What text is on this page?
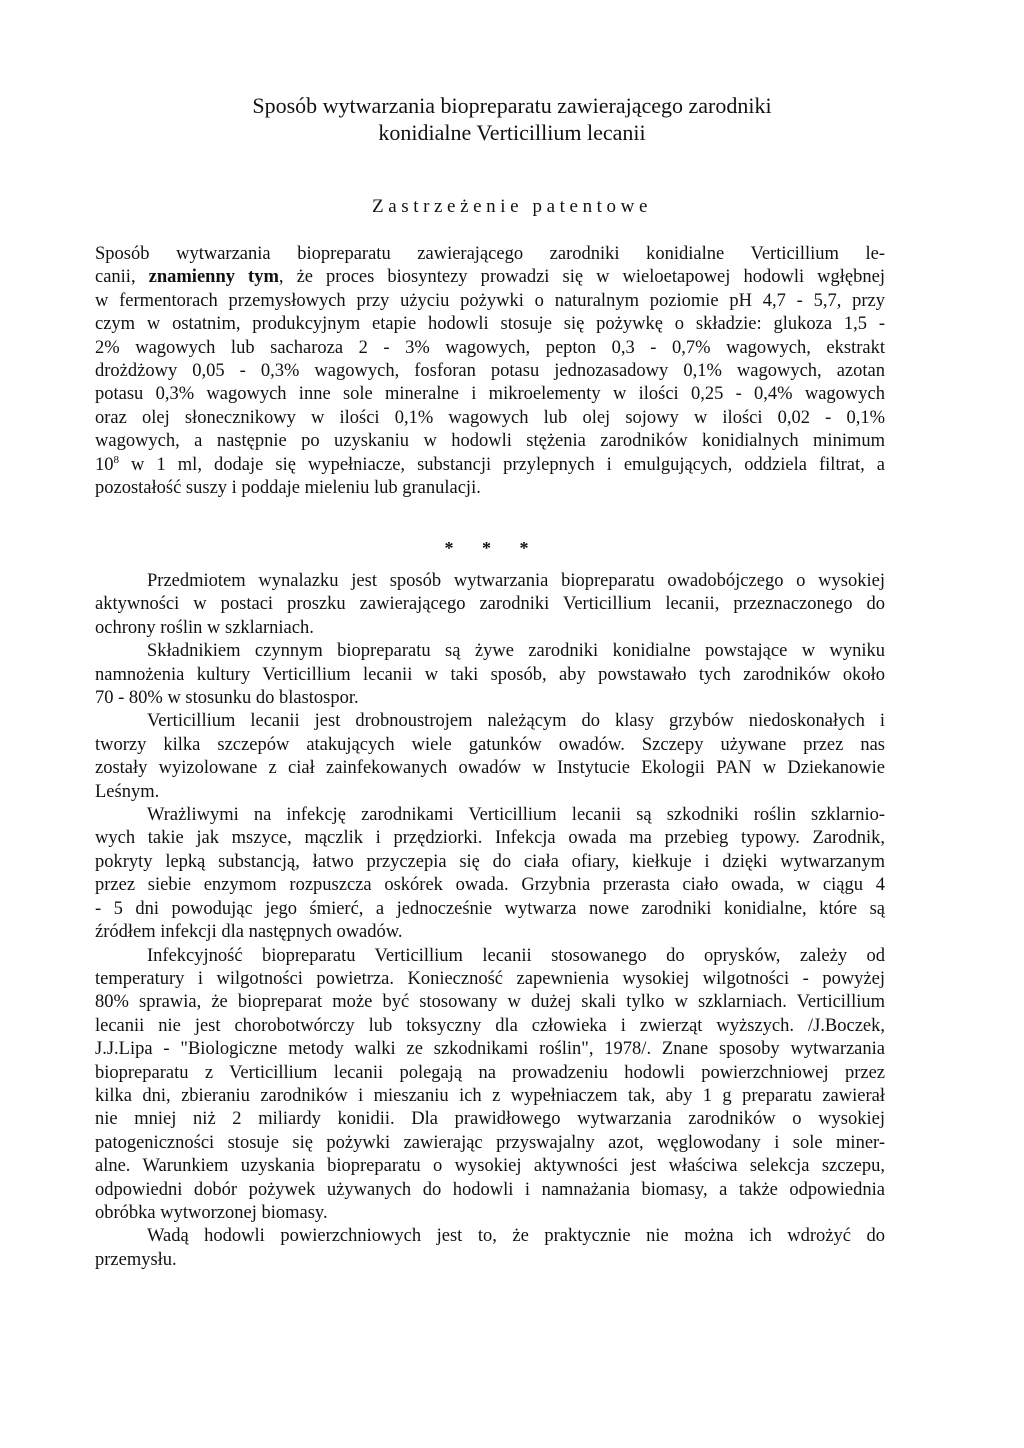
Sposób wytwarzania biopreparatu zawierającego zarodniki
konidialne Verticillium lecanii
Zastrzeżenie patentowe
Sposób wytwarzania biopreparatu zawierającego zarodniki konidialne Verticillium le-
canii, znamienny tym, że proces biosyntezy prowadzi się w wieloetapowej hodowli wgłębnej
w fermentorach przemysłowych przy użyciu pożywki o naturalnym poziomie pH 4,7 - 5,7, przy
czym w ostatnim, produkcyjnym etapie hodowli stosuje się pożywkę o składzie: glukoza 1,5 -
2% wagowych lub sacharoza 2 - 3% wagowych, pepton 0,3 - 0,7% wagowych, ekstrakt
drożdżowy 0,05 - 0,3% wagowych, fosforan potasu jednozasadowy 0,1% wagowych, azotan
potasu 0,3% wagowych inne sole mineralne i mikroelementy w ilości 0,25 - 0,4% wagowych
oraz olej słonecznikowy w ilości 0,1% wagowych lub olej sojowy w ilości 0,02 - 0,1%
wagowych, a następnie po uzyskaniu w hodowli stężenia zarodników konidialnych minimum
$10^8$ w 1 ml, dodaje się wypełniacze, substancji przylepnych i emulgujących, oddziela filtrat, a
pozostałość suszy i poddaje mieleniu lub granulacji.
* * *
Przedmiotem wynalazku jest sposób wytwarzania biopreparatu owadobójczego o wysokiej
aktywności w postaci proszku zawierającego zarodniki Verticillium lecanii, przeznaczonego do
ochrony roślin w szklarniach.
Składnikiem czynnym biopreparatu są żywe zarodniki konidialne powstające w wyniku
namnożenia kultury Verticillium lecanii w taki sposób, aby powstawało tych zarodników około
70 - 80% w stosunku do blastospor.
Verticillium lecanii jest drobnoustrojem należącym do klasy grzybów niedoskonałych i
tworzy kilka szczepów atakujących wiele gatunków owadów. Szczepy używane przez nas
zostały wyizolowane z ciał zainfekowanych owadów w Instytucie Ekologii PAN w Dziekanowie
Leśnym.
Wrażliwymi na infekcję zarodnikami Verticillium lecanii są szkodniki roślin szklarnio-
wych takie jak mszyce, mączlik i przędziorki. Infekcja owada ma przebieg typowy. Zarodnik,
pokryty lepką substancją, łatwo przyczepia się do ciała ofiary, kiełkuje i dzięki wytwarzanym
przez siebie enzymom rozpuszcza oskórek owada. Grzybnia przerasta ciało owada, w ciągu 4
- 5 dni powodując jego śmierć, a jednocześnie wytwarza nowe zarodniki konidialne, które są
źródłem infekcji dla następnych owadów.
Infekcyjność biopreparatu Verticillium lecanii stosowanego do oprysków, zależy od
temperatury i wilgotności powietrza. Konieczność zapewnienia wysokiej wilgotności - powyżej
80% sprawia, że biopreparat może być stosowany w dużej skali tylko w szklarniach. Verticillium
lecanii nie jest chorobotwórczy lub toksyczny dla człowieka i zwierząt wyższych. /J.Boczek,
J.J.Lipa - "Biologiczne metody walki ze szkodnikami roślin", 1978/. Znane sposoby wytwarzania
biopreparatu z Verticillium lecanii polegają na prowadzeniu hodowli powierzchniowej przez
kilka dni, zbieraniu zarodników i mieszaniu ich z wypełniaczem tak, aby 1 g preparatu zawierał
nie mniej niż 2 miliardy konidii. Dla prawidłowego wytwarzania zarodników o wysokiej
patogeniczności stosuje się pożywki zawierając przyswajalny azot, węglowodany i sole miner-
alne. Warunkiem uzyskania biopreparatu o wysokiej aktywności jest właściwa selekcja szczepu,
odpowiedni dobór pożywek używanych do hodowli i namnażania biomasy, a także odpowiednia
obróbka wytworzonej biomasy.
Wadą hodowli powierzchniowych jest to, że praktycznie nie można ich wdrożyć do
przemysłu.
